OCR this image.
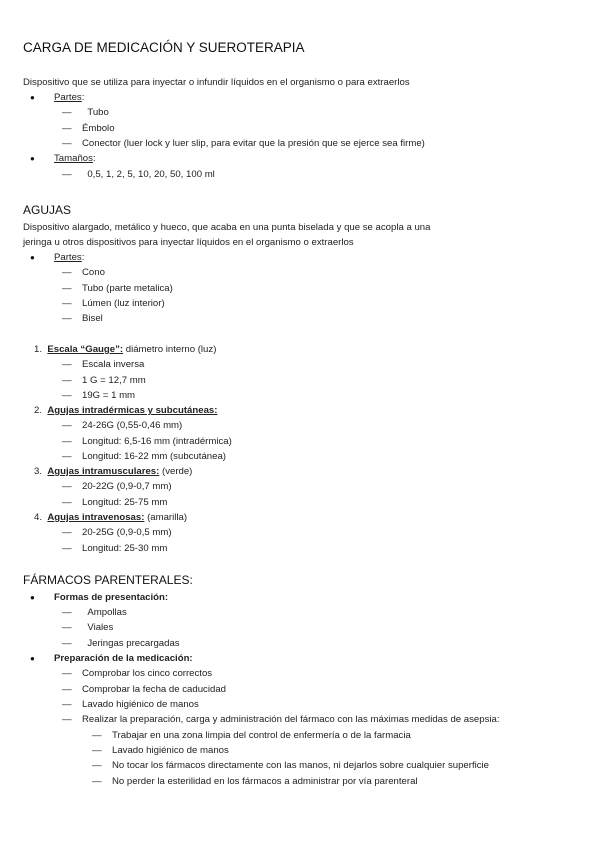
CARGA DE MEDICACIÓN Y SUEROTERAPIA
Dispositivo que se utiliza para inyectar o infundir líquidos en el organismo o para extraerlos
● Partes:
— Tubo
— Émbolo
— Conector (luer lock y luer slip, para evitar que la presión que se ejerce sea firme)
● Tamaños:
— 0,5, 1, 2, 5, 10, 20, 50, 100 ml
AGUJAS
Dispositivo alargado, metálico y hueco, que acaba en una punta biselada y que se acopla a una
jeringa u otros dispositivos para inyectar líquidos en el organismo o extraerlos
● Partes:
— Cono
— Tubo (parte metalica)
— Lúmen (luz interior)
— Bisel
1. Escala “Gauge”: diámetro interno (luz)
— Escala inversa
— 1 G = 12,7 mm
— 19G = 1 mm
2. Agujas intradérmicas y subcutáneas:
— 24-26G (0,55-0,46 mm)
— Longitud: 6,5-16 mm (intradérmica)
— Longitud: 16-22 mm (subcutánea)
3. Agujas intramusculares: (verde)
— 20-22G (0,9-0,7 mm)
— Longitud: 25-75 mm
4. Agujas intravenosas: (amarilla)
— 20-25G (0,9-0,5 mm)
— Longitud: 25-30 mm
FÁRMACOS PARENTERALES:
● Formas de presentación:
— Ampollas
— Viales
— Jeringas precargadas
● Preparación de la medicación:
— Comprobar los cinco correctos
— Comprobar la fecha de caducidad
— Lavado higiénico de manos
— Realizar la preparación, carga y administración del fármaco con las máximas medidas de asepsia:
— Trabajar en una zona limpia del control de enfermería o de la farmacia
— Lavado higiénico de manos
— No tocar los fármacos directamente con las manos, ni dejarlos sobre cualquier superficie
— No perder la esterilidad en los fármacos a administrar por vía parenteral
